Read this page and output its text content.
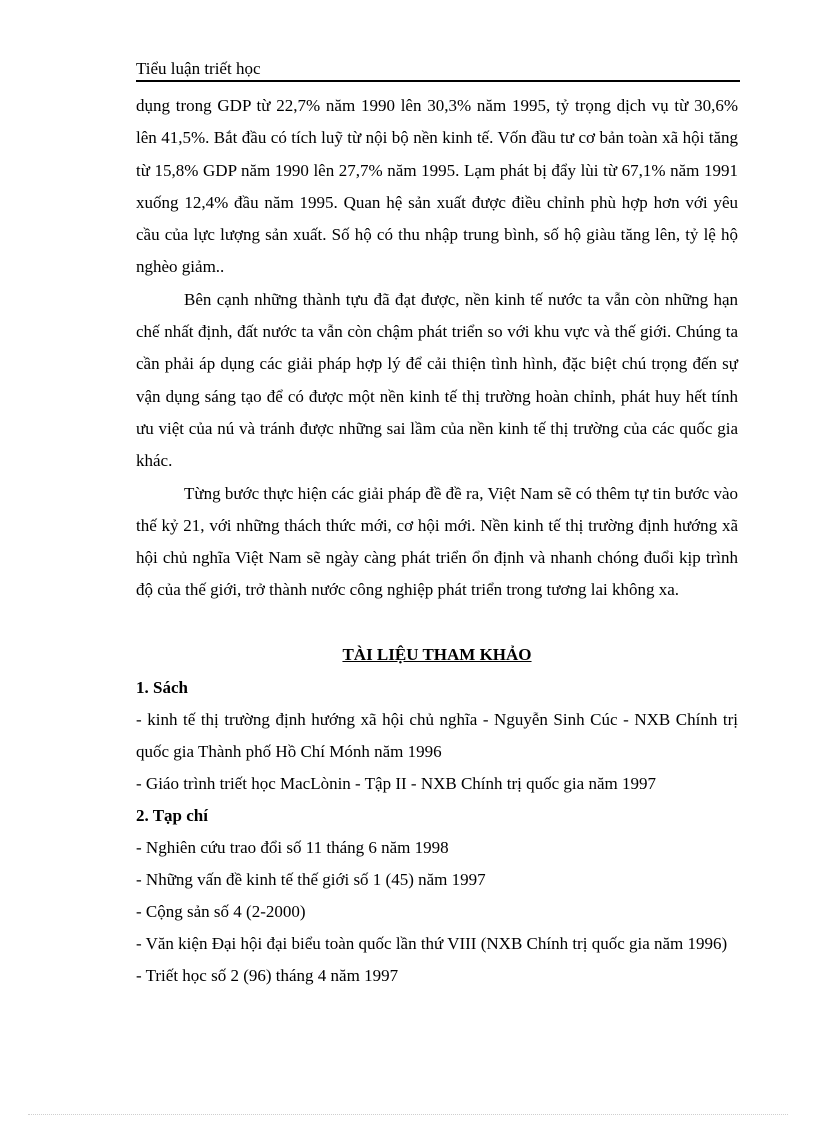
Tiểu luận triết học

dụng trong GDP từ 22,7% năm 1990 lên 30,3% năm 1995, tỷ trọng dịch vụ từ 30,6% lên 41,5%. Bắt đầu có tích luỹ từ nội bộ nền kinh tế. Vốn đầu tư cơ bản toàn xã hội tăng từ 15,8% GDP năm 1990 lên 27,7% năm 1995. Lạm phát bị đẩy lùi từ 67,1% năm 1991 xuống 12,4% đầu năm 1995. Quan hệ sản xuất được điều chỉnh phù hợp hơn với yêu cầu của lực lượng sản xuất. Số hộ có thu nhập trung bình, số hộ giàu tăng lên, tỷ lệ hộ nghèo giảm..

Bên cạnh những thành tựu đã đạt được, nền kinh tế nước ta vẫn còn những hạn chế nhất định, đất nước ta vẫn còn chậm phát triển so với khu vực và thế giới. Chúng ta cần phải áp dụng các giải pháp hợp lý để cải thiện tình hình, đặc biệt chú trọng đến sự vận dụng sáng tạo để có được một nền kinh tế thị trường hoàn chỉnh, phát huy hết tính ưu việt của nú và tránh được những sai lầm của nền kinh tế thị trường của các quốc gia khác.

Từng bước thực hiện các giải pháp đề đề ra, Việt Nam sẽ có thêm tự tin bước vào thế kỷ 21, với những thách thức mới, cơ hội mới. Nền kinh tế thị trường định hướng xã hội chủ nghĩa Việt Nam sẽ ngày càng phát triển ổn định và nhanh chóng đuổi kịp trình độ của thế giới, trở thành nước công nghiệp phát triển trong tương lai không xa.

TÀI LIỆU THAM KHẢO
1. Sách

- kinh tế thị trường định hướng xã hội chủ nghĩa - Nguyễn Sinh Cúc - NXB Chính trị quốc gia Thành phố Hồ Chí Mónh năm 1996

- Giáo trình triết học MacLònin - Tập II - NXB Chính trị quốc gia năm 1997

2. Tạp chí

- Nghiên cứu trao đổi số 11 tháng 6 năm 1998

- Những vấn đề kinh tế thế giới số 1 (45) năm 1997

- Cộng sản số 4 (2-2000)

- Văn kiện Đại hội đại biểu toàn quốc lần thứ VIII (NXB Chính trị quốc gia năm 1996)

- Triết học số 2 (96) tháng 4 năm 1997
